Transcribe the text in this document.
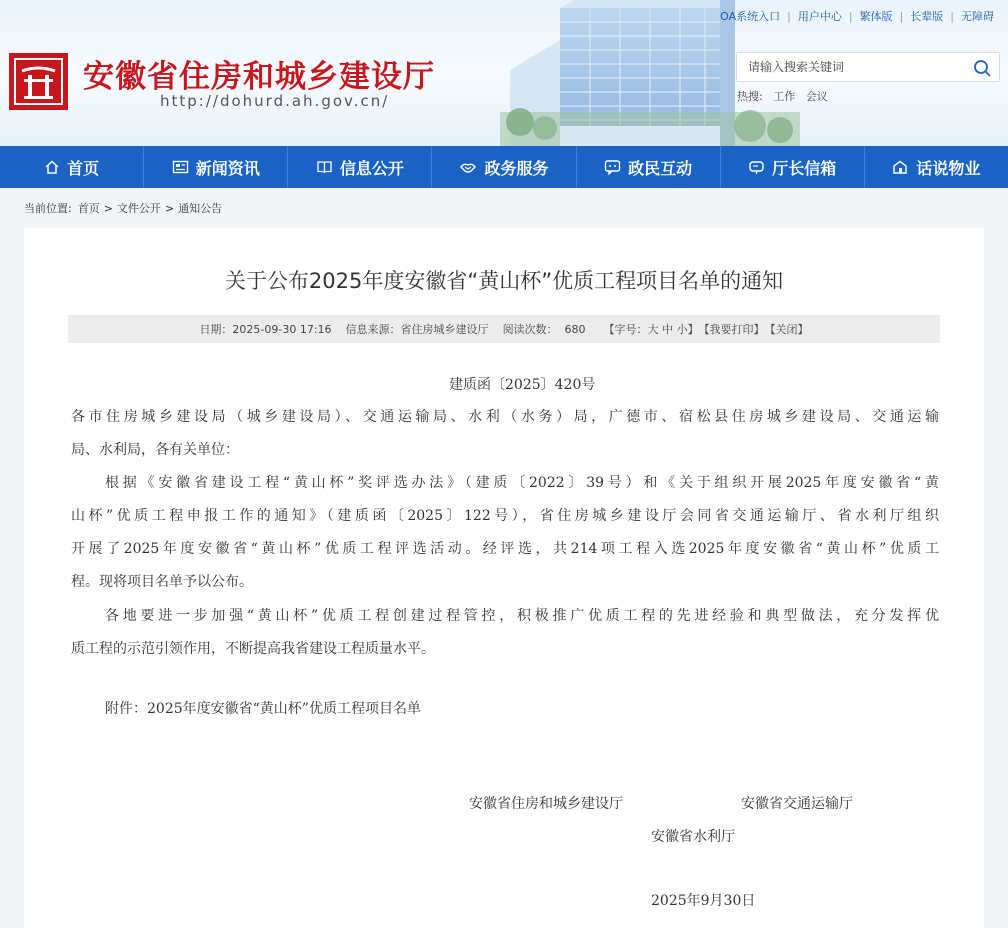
安徽省住房和城乡建设厅
http://dohurd.ah.gov.cn/
OA系统入口 | 用户中心 | 繁体版 | 长辈版 | 无障碍
请输入搜索关键词
热搜: 工作 会议
首页	新闻资讯	信息公开	政务服务	政民互动	厅长信箱	话说物业
当前位置: 首页 > 文件公开 > 通知公告
关于公布2025年度安徽省“黄山杯”优质工程项目名单的通知
日期：2025-09-30 17:16 信息来源：省住房城乡建设厅 阅读次数：  680 【字号： 大
中
小 】 【我要打印】 【关闭】
建质函〔2025〕420号
各市住房城乡建设局（城乡建设局）、交通运输局、水利（水务）局，广德市、宿松县住房城乡建设局、交通运输
局、水利局，各有关单位：
根据《安徽省建设工程“黄山杯”奖评选办法》（建质〔2022〕39号）和《关于组织开展2025年度安徽省“黄
山杯”优质工程申报工作的通知》（建质函〔2025〕122号），省住房城乡建设厅会同省交通运输厅、省水利厅组织
开展了2025年度安徽省“黄山杯”优质工程评选活动。经评选，共214项工程入选2025年度安徽省“黄山杯”优质工
程。现将项目名单予以公布。
各地要进一步加强“黄山杯”优质工程创建过程管控，积极推广优质工程的先进经验和典型做法，充分发挥优
质工程的示范引领作用，不断提高我省建设工程质量水平。
附件：2025年度安徽省“黄山杯”优质工程项目名单
安徽省住房和城乡建设厅	安徽省交通运输厅
安徽省水利厅
2025年9月30日
